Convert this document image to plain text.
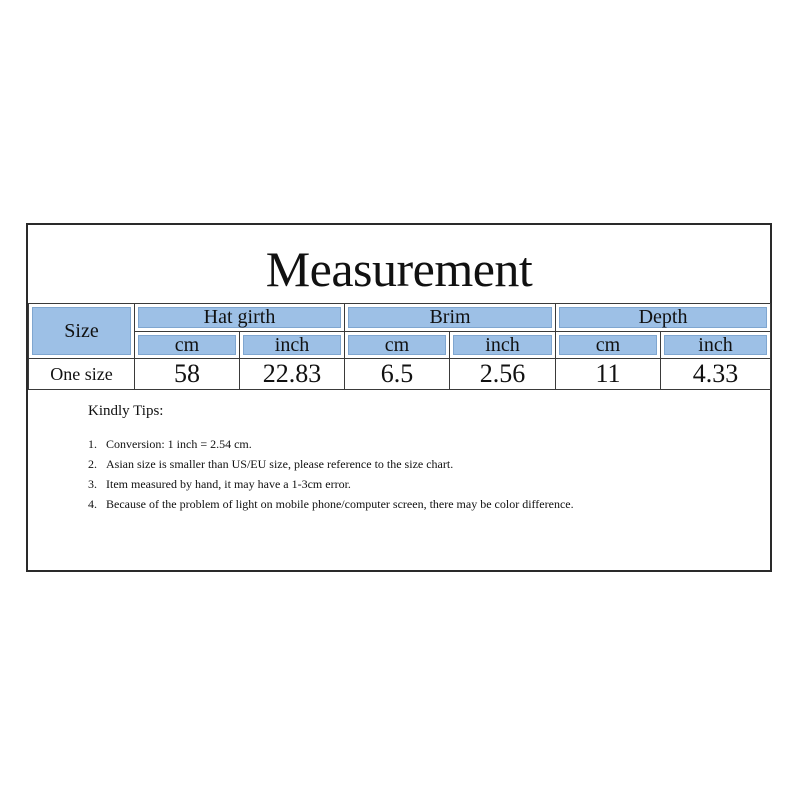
Measurement
Size	Hat girth		Brim		Depth	
	cm	inch	cm	inch	cm	inch
One size	58	22.83	6.5	2.56	11	4.33
Kindly Tips:
1. Conversion: 1 inch = 2.54 cm.
2. Asian size is smaller than US/EU size, please reference to the size chart.
3. Item measured by hand, it may have a 1-3cm error.
4. Because of the problem of light on mobile phone/computer screen, there may be color difference.
